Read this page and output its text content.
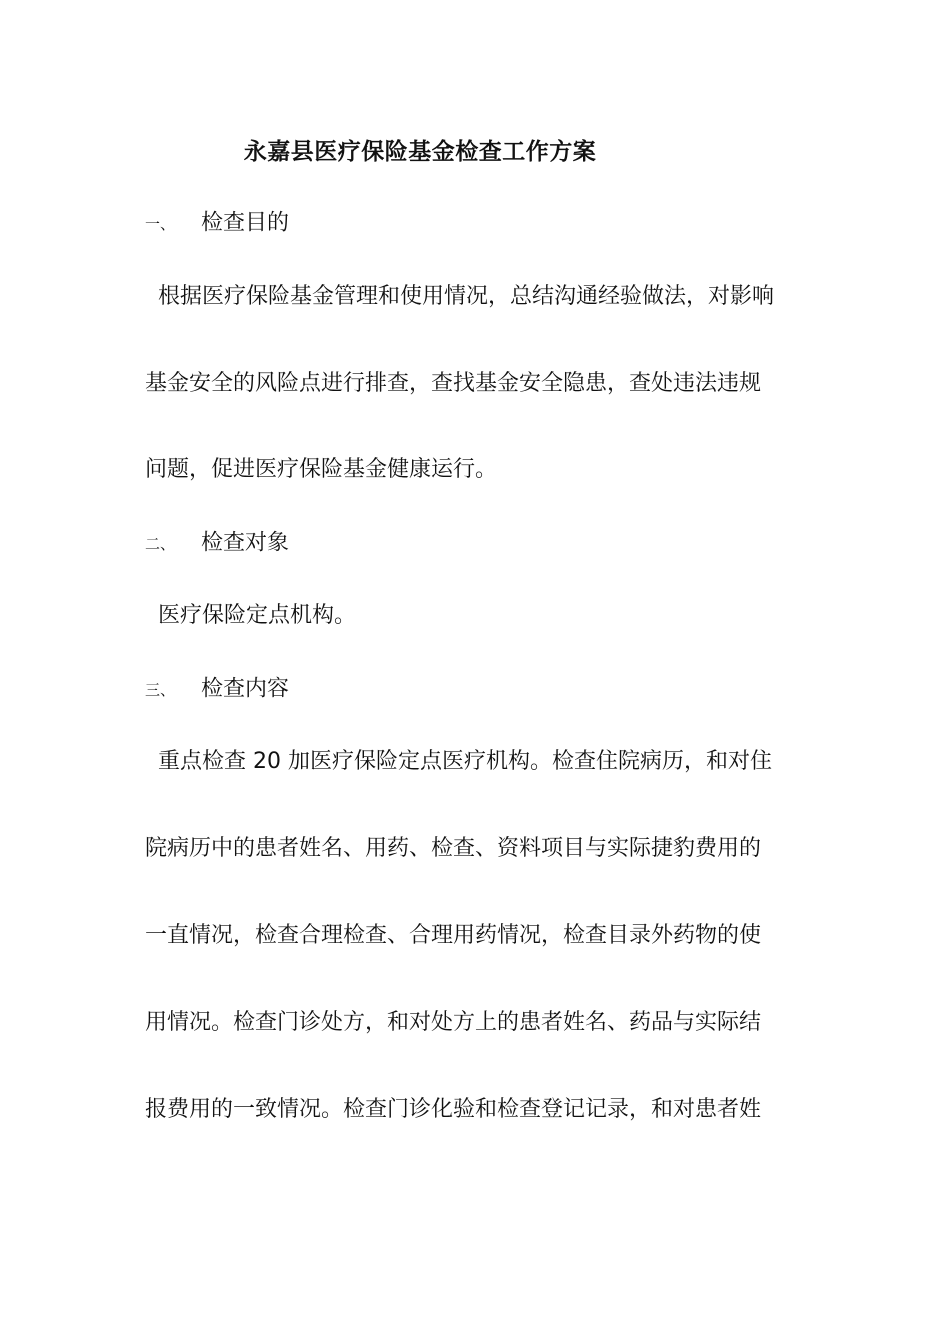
永嘉县医疗保险基金检查工作方案
一、 检查目的
根据医疗保险基金管理和使用情况，总结沟通经验做法，对影响
基金安全的风险点进行排查，查找基金安全隐患，查处违法违规
问题，促进医疗保险基金健康运行。
二、 检查对象
医疗保险定点机构。
三、 检查内容
重点检查 20 加医疗保险定点医疗机构。检查住院病历，和对住
院病历中的患者姓名、用药、检查、资料项目与实际捷豹费用的
一直情况，检查合理检查、合理用药情况，检查目录外药物的使
用情况。检查门诊处方，和对处方上的患者姓名、药品与实际结
报费用的一致情况。检查门诊化验和检查登记记录，和对患者姓
